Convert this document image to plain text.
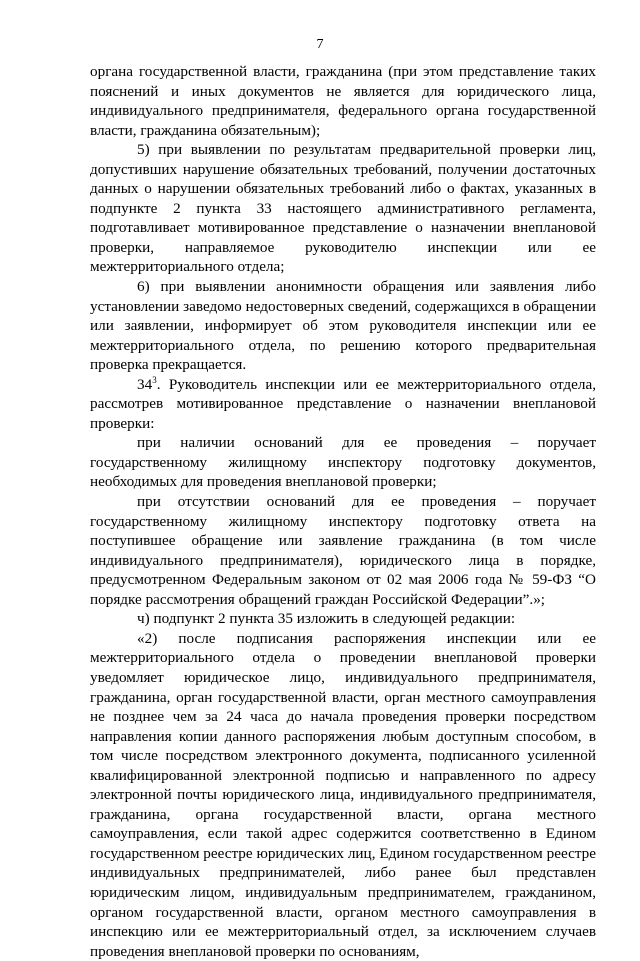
7

органа государственной власти, гражданина (при этом представление таких пояснений и иных документов не является для юридического лица, индивидуального предпринимателя, федерального органа государственной власти, гражданина обязательным);

5) при выявлении по результатам предварительной проверки лиц, допустивших нарушение обязательных требований, получении достаточных данных о нарушении обязательных требований либо о фактах, указанных в подпункте 2 пункта 33 настоящего административного регламента, подготавливает мотивированное представление о назначении внеплановой проверки, направляемое руководителю инспекции или ее межтерриториального отдела;

6) при выявлении анонимности обращения или заявления либо установлении заведомо недостоверных сведений, содержащихся в обращении или заявлении, информирует об этом руководителя инспекции или ее межтерриториального отдела, по решению которого предварительная проверка прекращается.

$34^3$. Руководитель инспекции или ее межтерриториального отдела, рассмотрев мотивированное представление о назначении внеплановой проверки:

при наличии оснований для ее проведения – поручает государственному жилищному инспектору подготовку документов, необходимых для проведения внеплановой проверки;

при отсутствии оснований для ее проведения – поручает государственному жилищному инспектору подготовку ответа на поступившее обращение или заявление гражданина (в том числе индивидуального предпринимателя), юридического лица в порядке, предусмотренном Федеральным законом от 02 мая 2006 года № 59-ФЗ “О порядке рассмотрения обращений граждан Российской Федерации”.»;

ч) подпункт 2 пункта 35 изложить в следующей редакции:

«2) после подписания распоряжения инспекции или ее межтерриториального отдела о проведении внеплановой проверки уведомляет юридическое лицо, индивидуального предпринимателя, гражданина, орган государственной власти, орган местного самоуправления не позднее чем за 24 часа до начала проведения проверки посредством направления копии данного распоряжения любым доступным способом, в том числе посредством электронного документа, подписанного усиленной квалифицированной электронной подписью и направленного по адресу электронной почты юридического лица, индивидуального предпринимателя, гражданина, органа государственной власти, органа местного самоуправления, если такой адрес содержится соответственно в Едином государственном реестре юридических лиц, Едином государственном реестре индивидуальных предпринимателей, либо ранее был представлен юридическим лицом, индивидуальным предпринимателем, гражданином, органом государственной власти, органом местного самоуправления в инспекцию или ее межтерриториальный отдел, за исключением случаев проведения внеплановой проверки по основаниям,
